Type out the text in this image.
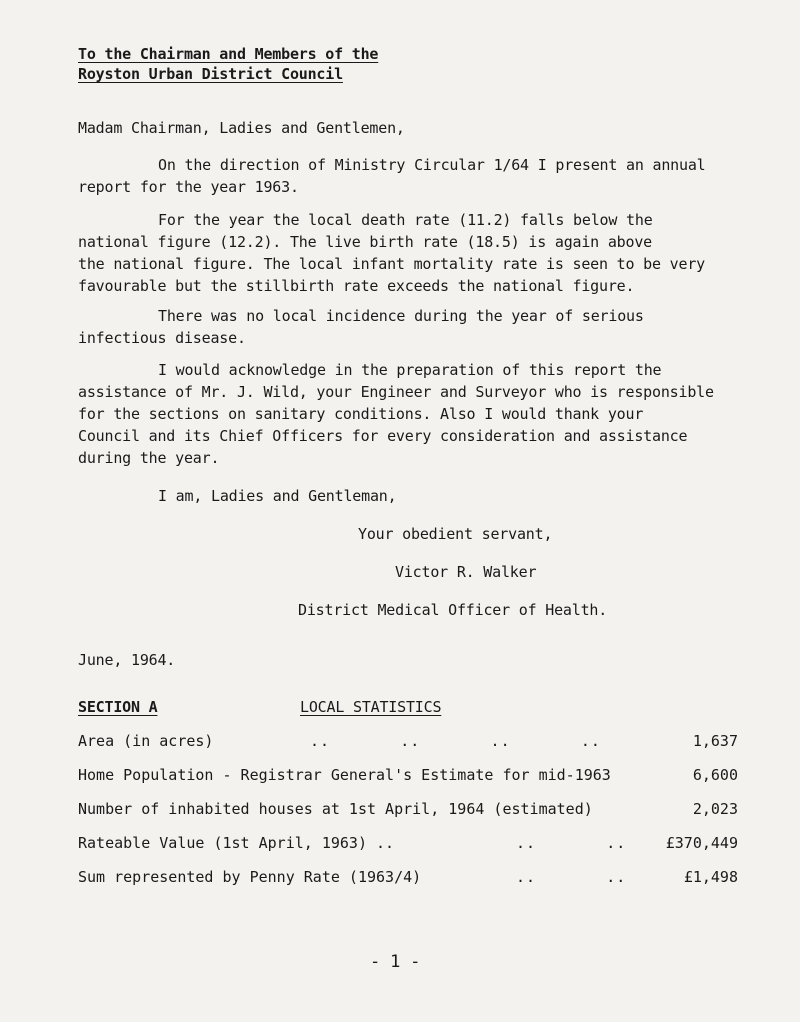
To the Chairman and Members of the
Royston Urban District Council
Madam Chairman, Ladies and Gentlemen,
On the direction of Ministry Circular 1/64 I present an annual
report for the year 1963.
For the year the local death rate (11.2) falls below the
national figure (12.2). The live birth rate (18.5) is again above
the national figure. The local infant mortality rate is seen to be very
favourable but the stillbirth rate exceeds the national figure.
There was no local incidence during the year of serious
infectious disease.
I would acknowledge in the preparation of this report the
assistance of Mr. J. Wild, your Engineer and Surveyor who is responsible
for the sections on sanitary conditions. Also I would thank your
Council and its Chief Officers for every consideration and assistance
during the year.
I am, Ladies and Gentleman,
Your obedient servant,
Victor R. Walker
District Medical Officer of Health.
June, 1964.
SECTION A	LOCAL STATISTICS
Area (in acres)	..       ..       ..       ..	1,637
Home Population - Registrar General's Estimate for mid-1963	6,600
Number of inhabited houses at 1st April, 1964 (estimated)	2,023
Rateable Value (1st April, 1963) ..	..       ..	£370,449
Sum represented by Penny Rate (1963/4)	..       ..	£1,498
- 1 -
